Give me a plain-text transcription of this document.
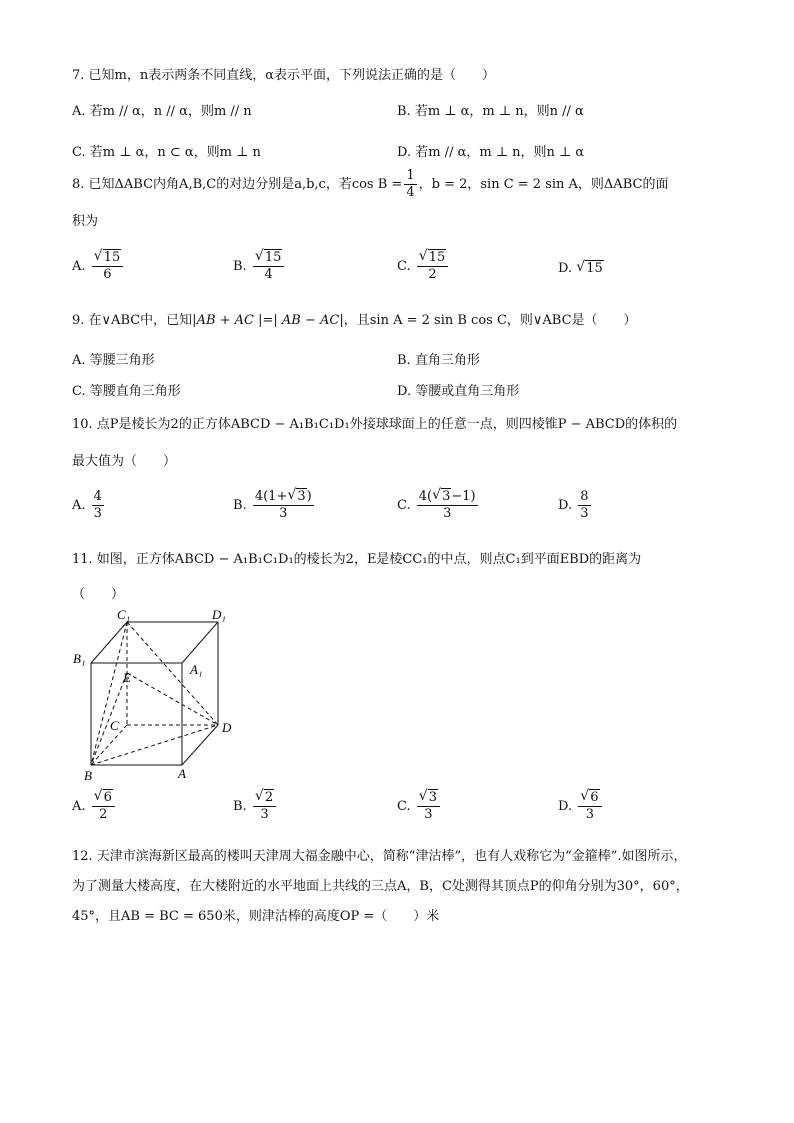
7. 已知m，n表示两条不同直线，α表示平面，下列说法正确的是（　　）
A. 若m // α，n // α，则m // n	B. 若m ⊥ α，m ⊥ n，则n // α
C. 若m ⊥ α，n ⊂ α，则m ⊥ n	D. 若m // α，m ⊥ n，则n ⊥ α
8. 已知ΔABC内角A,B,C的对边分别是a,b,c，若$\cos B = \frac{1}{4}$ ，b = 2，sin C = 2 sin A，则ΔABC的面
积为
A. √ $\frac{15}{6}$	B. √ $\frac{15}{4}$	C. √ $\frac{15}{2}$	D. √ 15
9. 在∨ABC中，已知|AB + AC |=| AB − AC|，且sin A = 2 sin B cos C，则∨ABC是（　　）
A. 等腰三角形	B. 直角三角形
C. 等腰直角三角形	D. 等腰或直角三角形
10. 点P是棱长为2的正方体ABCD − A₁B₁C₁D₁外接球球面上的任意一点，则四棱锥P − ABCD的体积的
最大值为（　　）
A. $\frac{4}{3}$	B. $\frac{4(1+ √ 3)}{3}$	C. $\frac{4( √ 3-1)}{3}$	D. $\frac{8}{3}$
11. 如图，正方体ABCD − A₁B₁C₁D₁的棱长为2，E是棱CC₁的中点，则点C₁到平面EBD的距离为
（　　）
C₁	D₁
B₁
A₁
E
C	D
B	A
A. √ $\frac{6}{2}$	B. √ $\frac{2}{3}$	C. √ $\frac{3}{3}$	D. √ $\frac{6}{3}$
12. 天津市滨海新区最高的楼叫天津周大福金融中心，简称“津沽棒”，也有人戏称它为“金箍棒”.如图所示，
为了测量大楼高度，在大楼附近的水平地面上共线的三点A，B，C处测得其顶点P的仰角分别为30°，60°，
45°，且AB = BC = 650米，则津沽棒的高度OP =（　　）米
